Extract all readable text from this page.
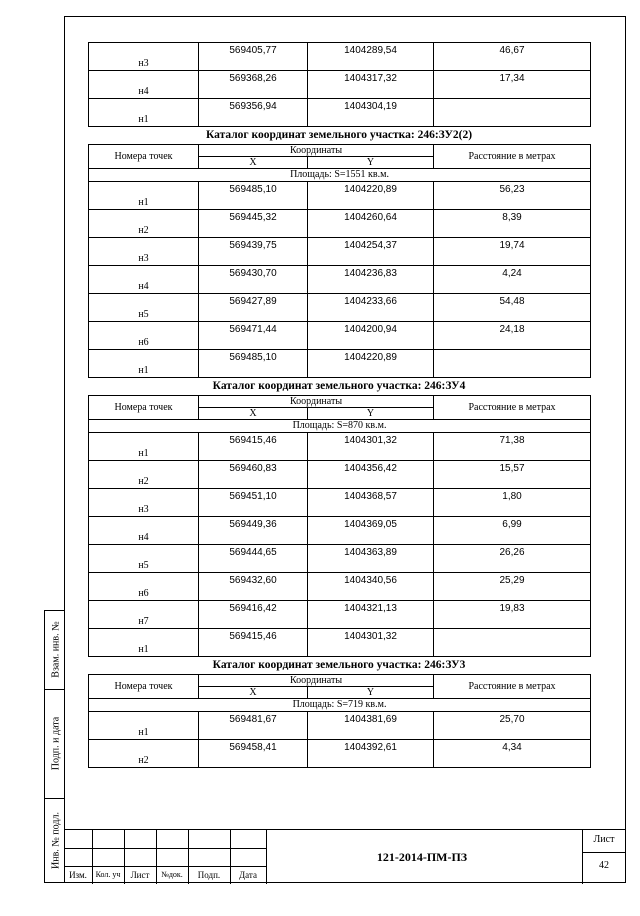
Взам. инв. №
Подп. и дата
Инв. № подл.
н3	569405,77	1404289,54	46,67
н4	569368,26	1404317,32	17,34
н1	569356,94	1404304,19	
Каталог координат земельного участка: 246:ЗУ2(2)
Номера точек	Координаты		Расстояние в метрах
	X	Y	
Площадь: S=1551 кв.м.			
н1	569485,10	1404220,89	56,23
н2	569445,32	1404260,64	8,39
н3	569439,75	1404254,37	19,74
н4	569430,70	1404236,83	4,24
н5	569427,89	1404233,66	54,48
н6	569471,44	1404200,94	24,18
н1	569485,10	1404220,89	
Каталог координат земельного участка: 246:ЗУ4
Номера точек	Координаты		Расстояние в метрах
	X	Y	
Площадь: S=870 кв.м.			
н1	569415,46	1404301,32	71,38
н2	569460,83	1404356,42	15,57
н3	569451,10	1404368,57	1,80
н4	569449,36	1404369,05	6,99
н5	569444,65	1404363,89	26,26
н6	569432,60	1404340,56	25,29
н7	569416,42	1404321,13	19,83
н1	569415,46	1404301,32	
Каталог координат земельного участка: 246:ЗУ3
Номера точек	Координаты		Расстояние в метрах
	X	Y	
Площадь: S=719 кв.м.			
н1	569481,67	1404381,69	25,70
н2	569458,41	1404392,61	4,34
Изм.	Кол. уч	Лист	№док.	Подп.	Дата
121-2014-ПМ-ПЗ
Лист
42
